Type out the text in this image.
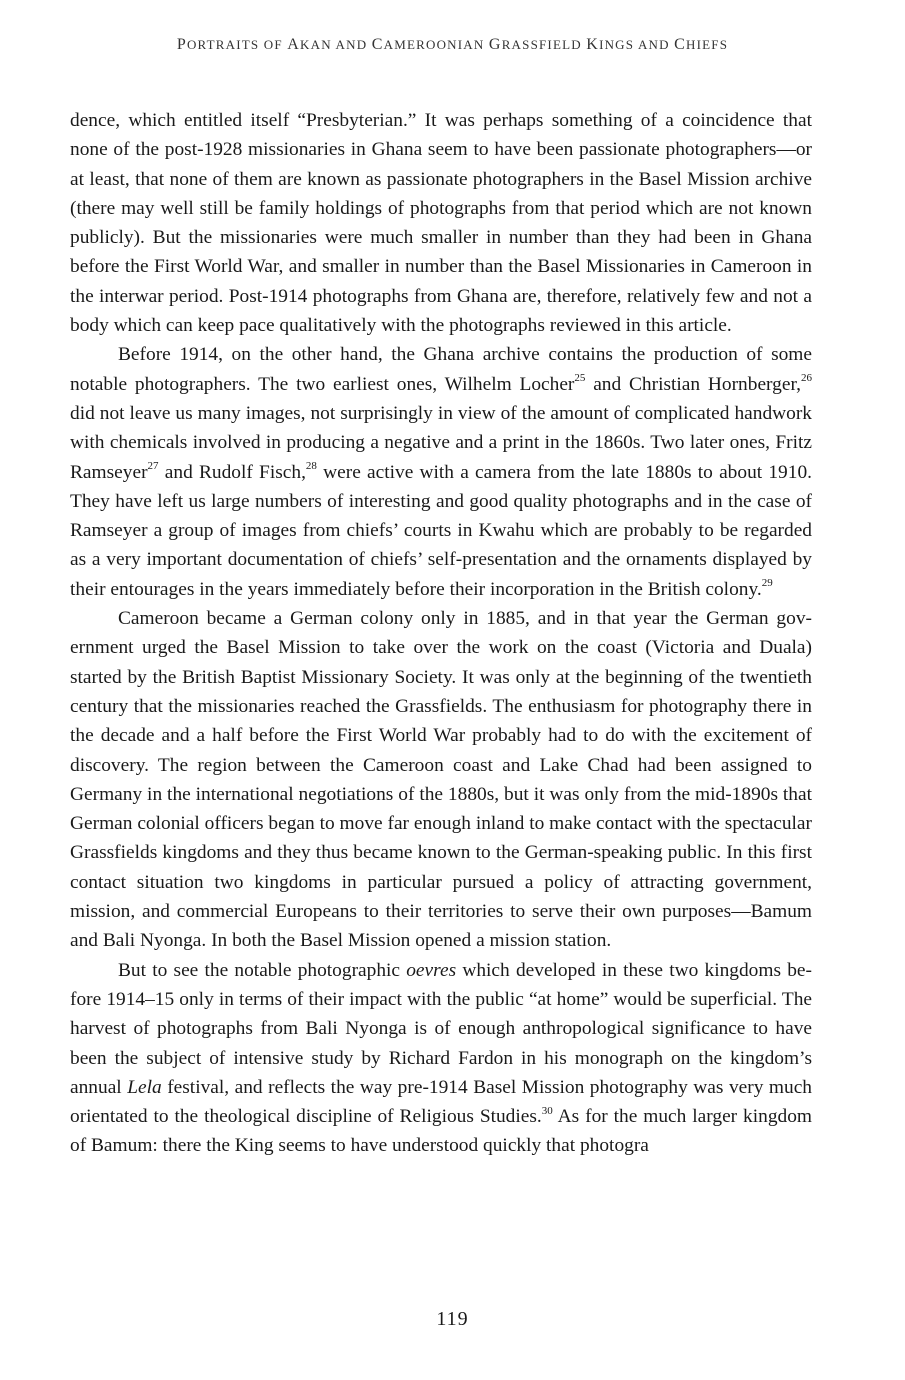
PORTRAITS OF AKAN AND CAMEROONIAN GRASSFIELD KINGS AND CHIEFS

dence, which entitled itself “Presbyterian.” It was perhaps something of a coincidence that none of the post-1928 missionaries in Ghana seem to have been passionate photographers—or at least, that none of them are known as passionate photographers in the Basel Mission archive (there may well still be family holdings of photographs from that period which are not known publicly). But the missionaries were much smaller in number than they had been in Ghana before the First World War, and smaller in number than the Basel Missionaries in Cameroon in the interwar period. Post-1914 photographs from Ghana are, therefore, relatively few and not a body which can keep pace qualitatively with the photographs reviewed in this article.

Before 1914, on the other hand, the Ghana archive contains the production of some notable photographers. The two earliest ones, Wilhelm Locher$^{25}$ and Christian Hornberger,$^{26}$ did not leave us many images, not surprisingly in view of the amount of complicated handwork with chemicals involved in producing a negative and a print in the 1860s. Two later ones, Fritz Ramseyer$^{27}$ and Rudolf Fisch,$^{28}$ were active with a camera from the late 1880s to about 1910. They have left us large numbers of interesting and good quality photographs and in the case of Ramseyer a group of images from chiefs’ courts in Kwahu which are probably to be regarded as a very important documentation of chiefs’ self-presentation and the ornaments displayed by their entourages in the years immediately before their incorporation in the British colony.$^{29}$

Cameroon became a German colony only in 1885, and in that year the German government urged the Basel Mission to take over the work on the coast (Victoria and Duala) started by the British Baptist Missionary Society. It was only at the beginning of the twentieth century that the missionaries reached the Grassfields. The enthusiasm for photography there in the decade and a half before the First World War probably had to do with the excitement of discovery. The region between the Cameroon coast and Lake Chad had been assigned to Germany in the international negotiations of the 1880s, but it was only from the mid-1890s that German colonial officers began to move far enough inland to make contact with the spectacular Grassfields kingdoms and they thus became known to the German-speaking public. In this first contact situation two kingdoms in particular pursued a policy of attracting government, mission, and commercial Europeans to their territories to serve their own purposes—Bamum and Bali Nyonga. In both the Basel Mission opened a mission station.

But to see the notable photographic oevres which developed in these two kingdoms before 1914–15 only in terms of their impact with the public “at home” would be superficial. The harvest of photographs from Bali Nyonga is of enough anthropological significance to have been the subject of intensive study by Richard Fardon in his monograph on the kingdom’s annual Lela festival, and reflects the way pre-1914 Basel Mission photography was very much orientated to the theological discipline of Religious Studies.$^{30}$ As for the much larger kingdom of Bamum: there the King seems to have understood quickly that photogra

119
